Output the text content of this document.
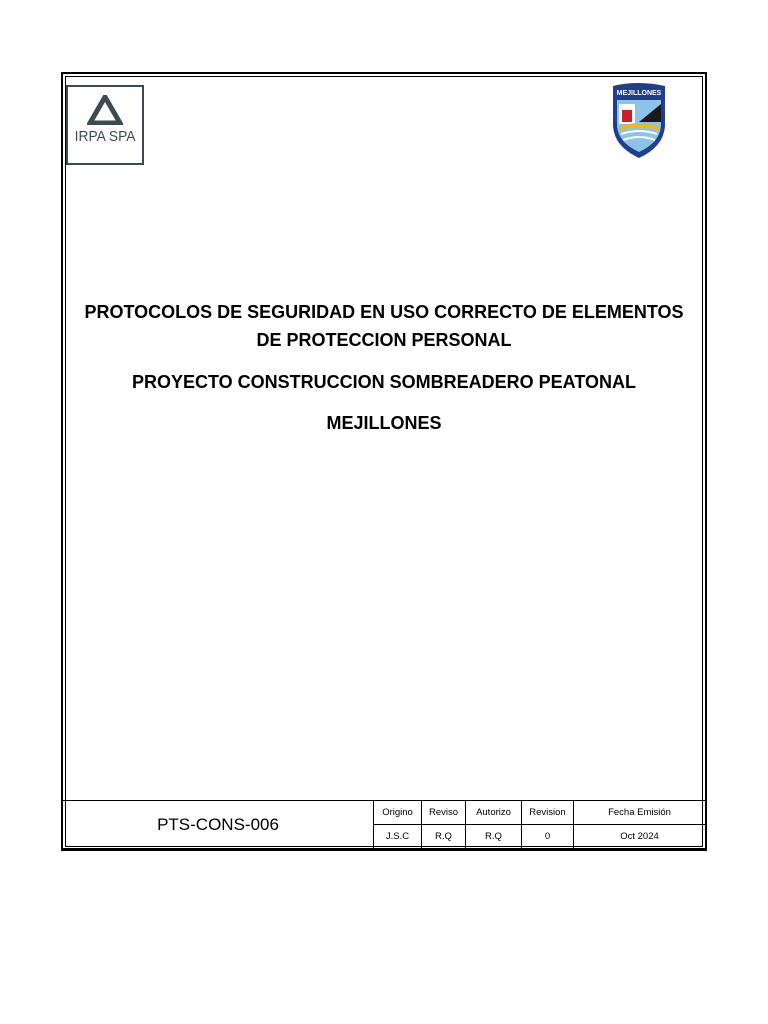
IRPA SPA
MEJILLONES
PROTOCOLOS DE SEGURIDAD EN USO CORRECTO DE ELEMENTOS
DE PROTECCION PERSONAL
PROYECTO CONSTRUCCION SOMBREADERO PEATONAL
MEJILLONES
PTS-CONS-006	Origino	Reviso	Autorizo	Revision	Fecha Emisión
	J.S.C	R.Q	R.Q	0	Oct 2024
